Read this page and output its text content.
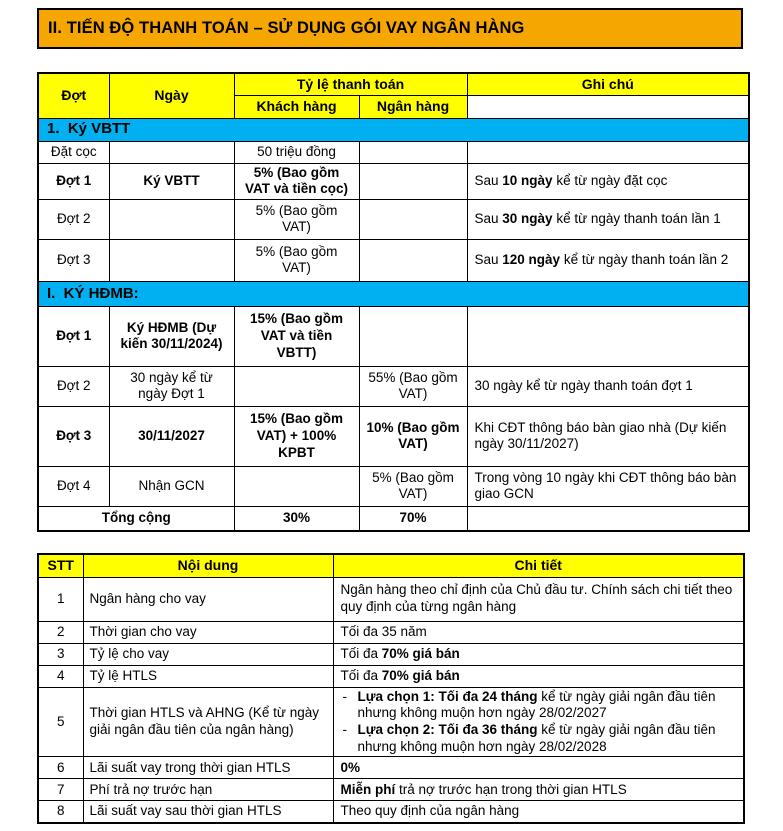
II. TIẾN ĐỘ THANH TOÁN – SỬ DỤNG GÓI VAY NGÂN HÀNG
Đợt	Ngày	Tỷ lệ thanh toán		Ghi chú
		Khách hàng	Ngân hàng	
1.  Ký VBTT				
Đặt cọc		50 triệu đồng		
Đợt 1	Ký VBTT	5% (Bao gồm VAT và tiền cọc)		Sau 10 ngày kể từ ngày đặt cọc
Đợt 2		5% (Bao gồm VAT)		Sau 30 ngày kể từ ngày thanh toán lần 1
Đợt 3		5% (Bao gồm VAT)		Sau 120 ngày kể từ ngày thanh toán lần 2
I.  KÝ HĐMB:				
Đợt 1	Ký HĐMB (Dự kiến 30/11/2024)	15% (Bao gồm VAT và tiền VBTT)		
Đợt 2	30 ngày kể từ ngày Đợt 1		55% (Bao gồm VAT)	30 ngày kể từ ngày thanh toán đợt 1
Đợt 3	30/11/2027	15% (Bao gồm VAT) + 100% KPBT	10% (Bao gồm VAT)	Khi CĐT thông báo bàn giao nhà (Dự kiến ngày 30/11/2027)
Đợt 4	Nhận GCN		5% (Bao gồm VAT)	Trong vòng 10 ngày khi CĐT thông báo bàn giao GCN
Tổng cộng		30%	70%	
STT	Nội dung	Chi tiết
1	Ngân hàng cho vay	Ngân hàng theo chỉ định của Chủ đầu tư. Chính sách chi tiết theo quy định của từng ngân hàng
2	Thời gian cho vay	Tối đa 35 năm
3	Tỷ lệ cho vay	Tối đa 70% giá bán
4	Tỷ lệ HTLS	Tối đa 70% giá bán
5	Thời gian HTLS và AHNG (Kể từ ngày giải ngân đầu tiên của ngân hàng)	- Lựa chọn 1: Tối đa 24 tháng kể từ ngày giải ngân đầu tiên nhưng không muộn hơn ngày 28/02/2027
- Lựa chọn 2: Tối đa 36 tháng kể từ ngày giải ngân đầu tiên nhưng không muộn hơn ngày 28/02/2028

6	Lãi suất vay trong thời gian HTLS	0%
7	Phí trả nợ trước hạn	Miễn phí trả nợ trước hạn trong thời gian HTLS
8	Lãi suất vay sau thời gian HTLS	Theo quy định của ngân hàng
